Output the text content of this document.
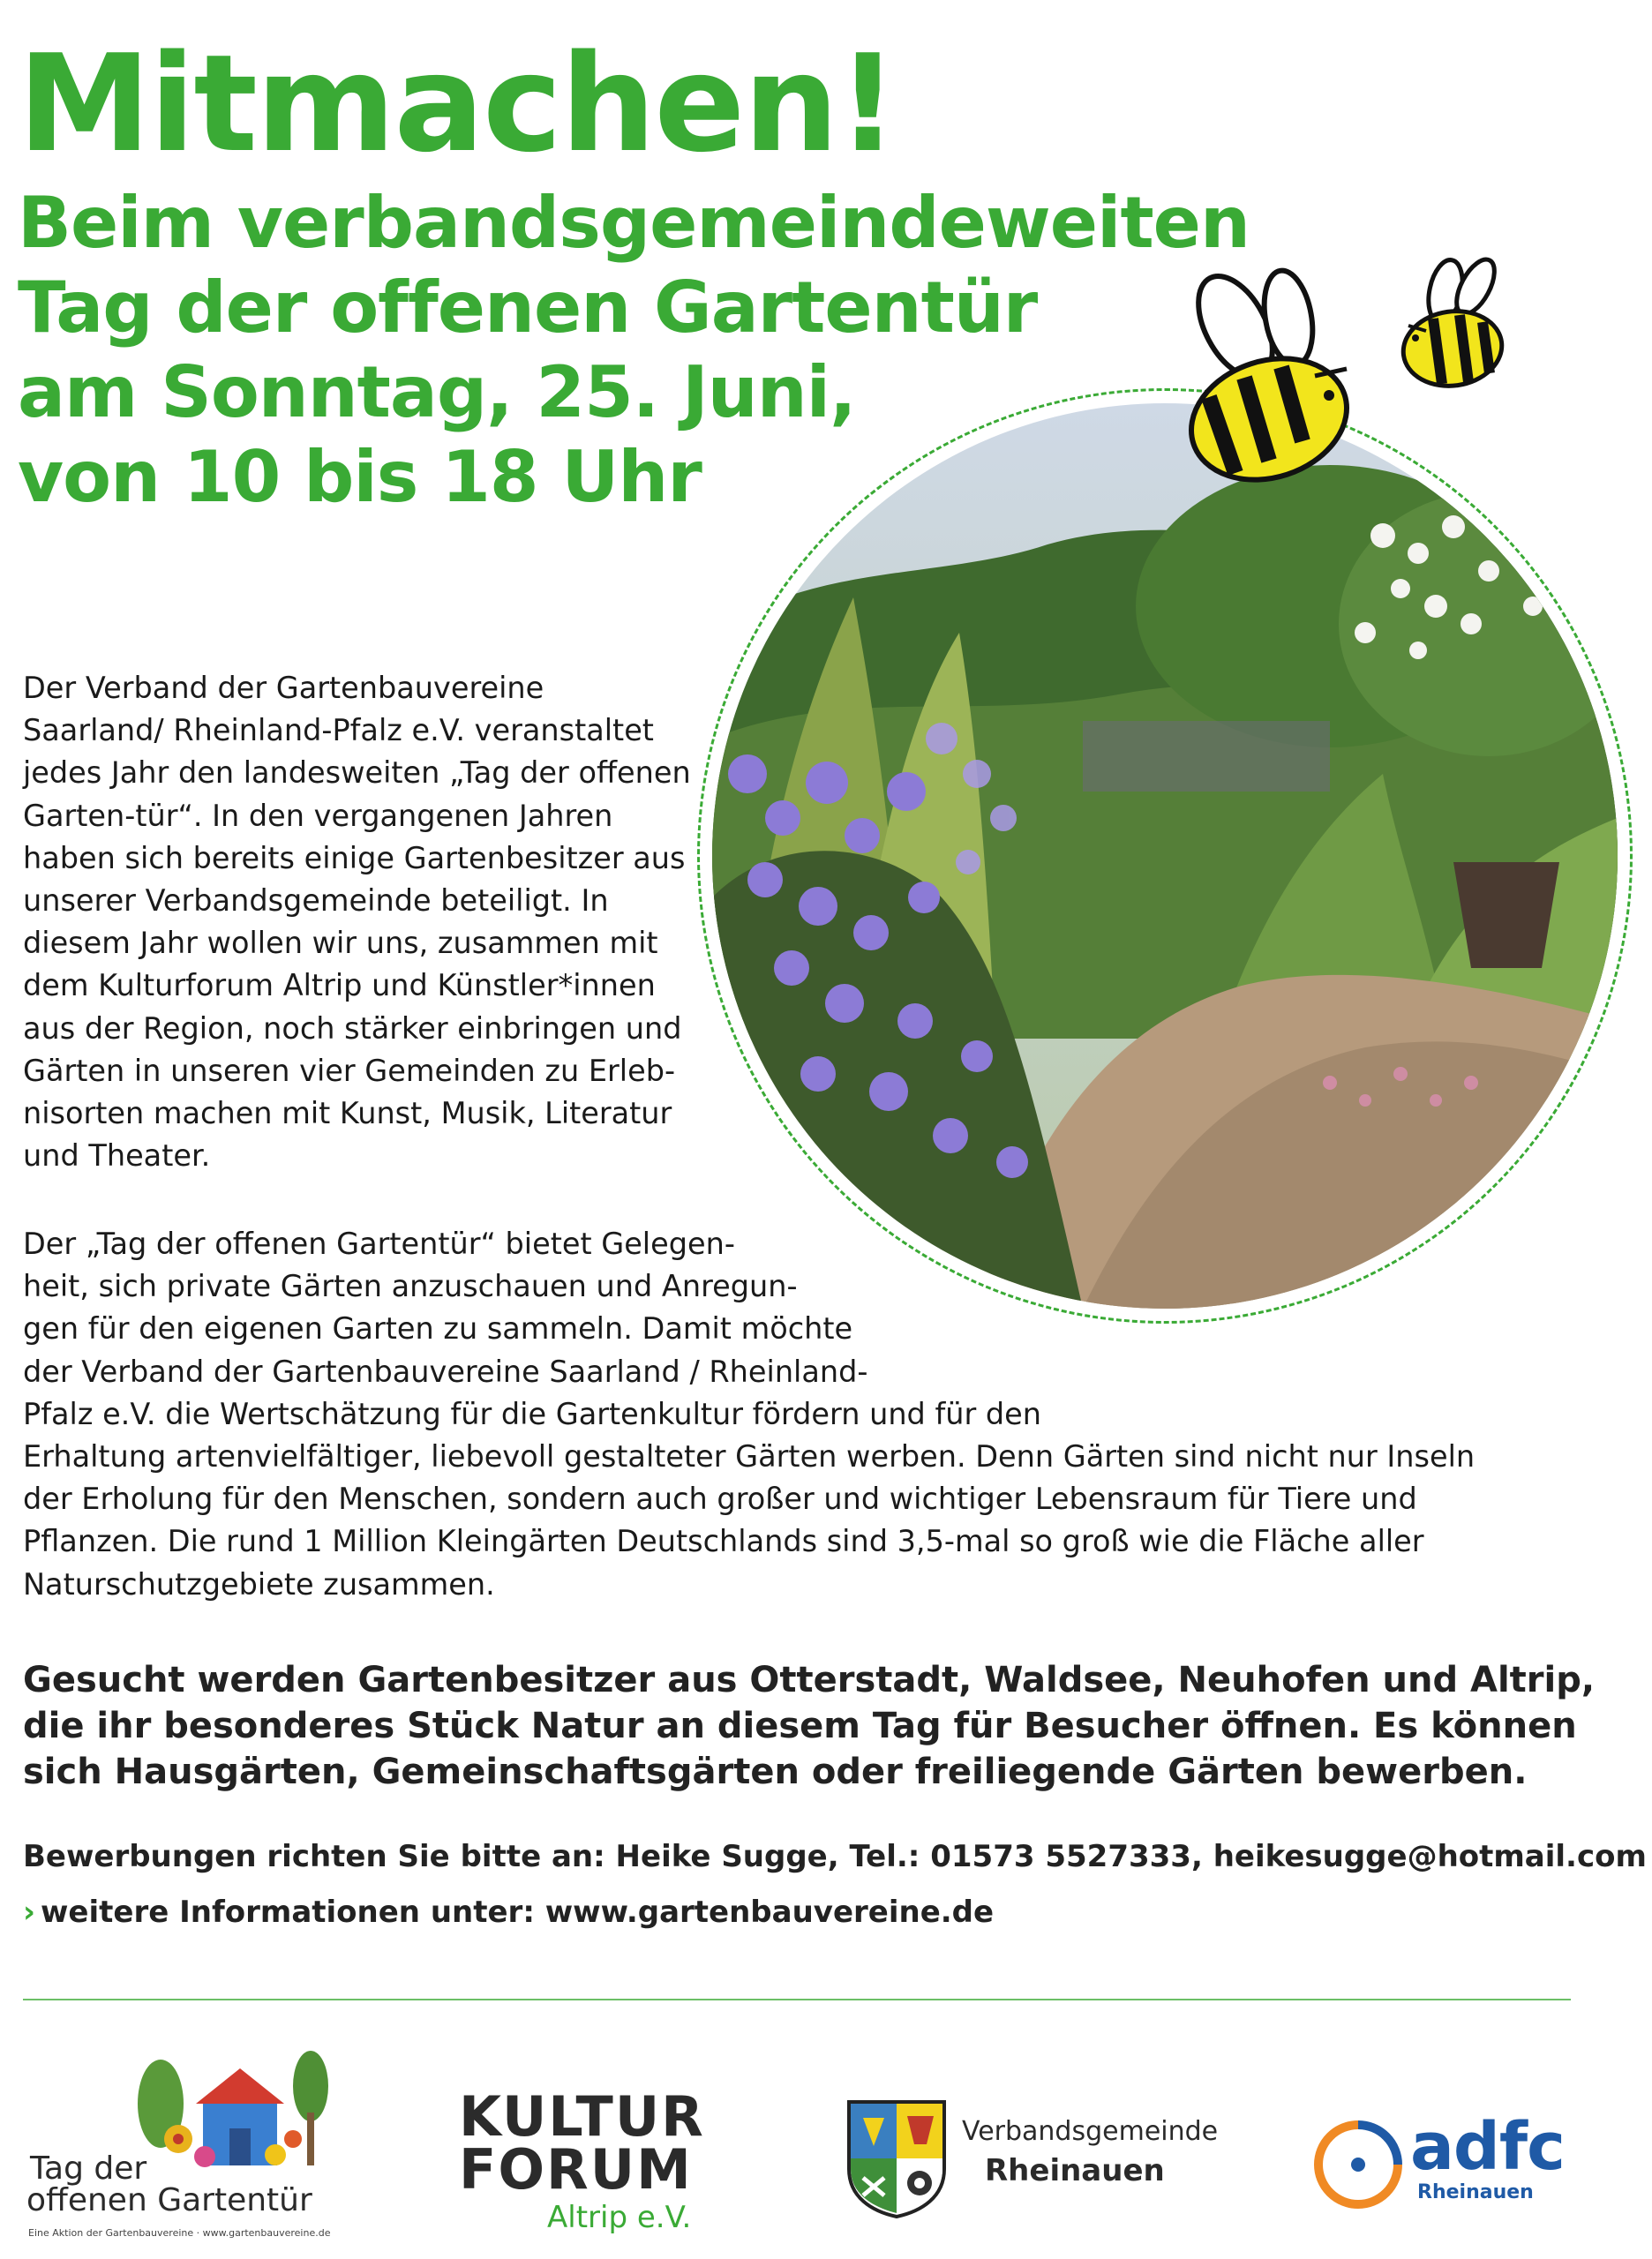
Mitmachen!
Beim verbandsgemeindeweiten
Tag der offenen Gartentür
am Sonntag, 25. Juni,
von 10 bis 18 Uhr

Der Verband der Gartenbauvereine Saarland/ Rheinland-Pfalz e.V. veranstaltet jedes Jahr den landesweiten „Tag der offenen Garten-tür“. In den vergangenen Jahren haben sich bereits einige Gartenbesitzer aus unserer Verbandsgemeinde beteiligt. In diesem Jahr wollen wir uns, zusammen mit dem Kulturforum Altrip und Künstler*innen aus der Region, noch stärker einbringen und Gärten in unseren vier Gemeinden zu Erleb-nisorten machen mit Kunst, Musik, Literatur und Theater.

Der „Tag der offenen Gartentür“ bietet Gelegen-
heit, sich private Gärten anzuschauen und Anregun-
gen für den eigenen Garten zu sammeln. Damit möchte
der Verband der Gartenbauvereine Saarland / Rheinland-
Pfalz e.V. die Wertschätzung für die Gartenkultur fördern und für den
Erhaltung artenvielfältiger, liebevoll gestalteter Gärten werben. Denn Gärten sind nicht nur Inseln
der Erholung für den Menschen, sondern auch großer und wichtiger Lebensraum für Tiere und
Pflanzen. Die rund 1 Million Kleingärten Deutschlands sind 3,5-mal so groß wie die Fläche aller
Naturschutzgebiete zusammen.

Gesucht werden Gartenbesitzer aus Otterstadt, Waldsee, Neuhofen und Altrip,
die ihr besonderes Stück Natur an diesem Tag für Besucher öffnen. Es können
sich Hausgärten, Gemeinschaftsgärten oder freiliegende Gärten bewerben.

Bewerbungen richten Sie bitte an: Heike Sugge, Tel.: 01573 5527333, heikesugge@hotmail.com

› weitere Informationen unter: www.gartenbauvereine.de

Tag der
offenen Gartentür
Eine Aktion der Gartenbauvereine · www.gartenbauvereine.de
KULTUR
FORUM
Altrip e.V.
Verbandsgemeinde
Rheinauen	adfc
Rheinauen
